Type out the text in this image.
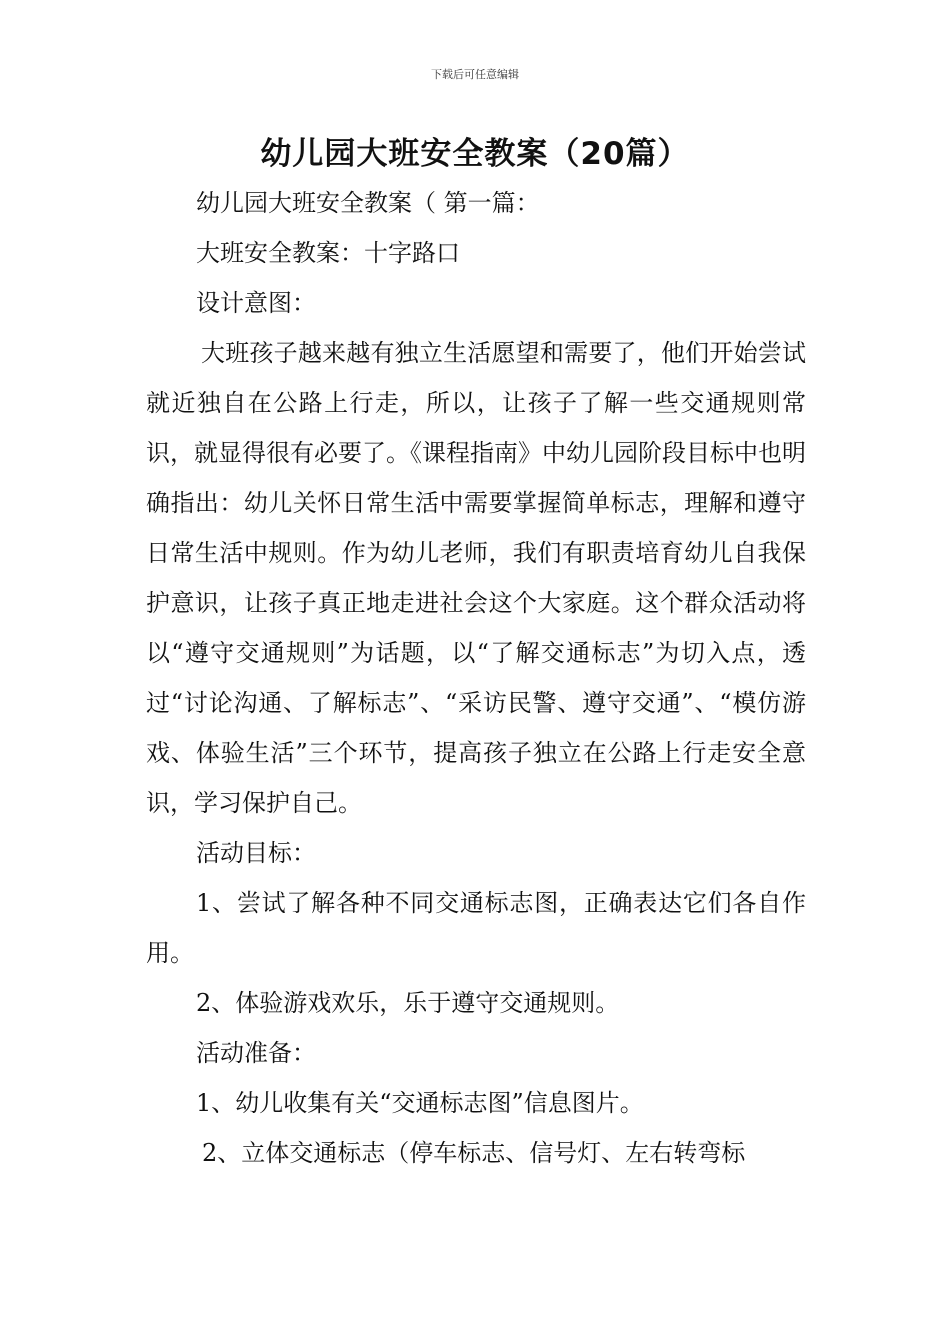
下载后可任意编辑
幼儿园大班安全教案（20篇）

幼儿园大班安全教案（ 第一篇：

大班安全教案：十字路口

设计意图：

大班孩子越来越有独立生活愿望和需要了，他们开始尝试就近独自在公路上行走，所以，让孩子了解一些交通规则常识，就显得很有必要了。《课程指南》中幼儿园阶段目标中也明确指出：幼儿关怀日常生活中需要掌握简单标志，理解和遵守日常生活中规则。作为幼儿老师，我们有职责培育幼儿自我保护意识，让孩子真正地走进社会这个大家庭。这个群众活动将以“遵守交通规则”为话题，以“了解交通标志”为切入点，透过“讨论沟通、了解标志”、“采访民警、遵守交通”、“模仿游戏、体验生活”三个环节，提高孩子独立在公路上行走安全意识，学习保护自己。

活动目标：

1、尝试了解各种不同交通标志图，正确表达它们各自作用。

2、体验游戏欢乐，乐于遵守交通规则。

活动准备：

1、幼儿收集有关“交通标志图”信息图片。

2、立体交通标志（停车标志、信号灯、左右转弯标
